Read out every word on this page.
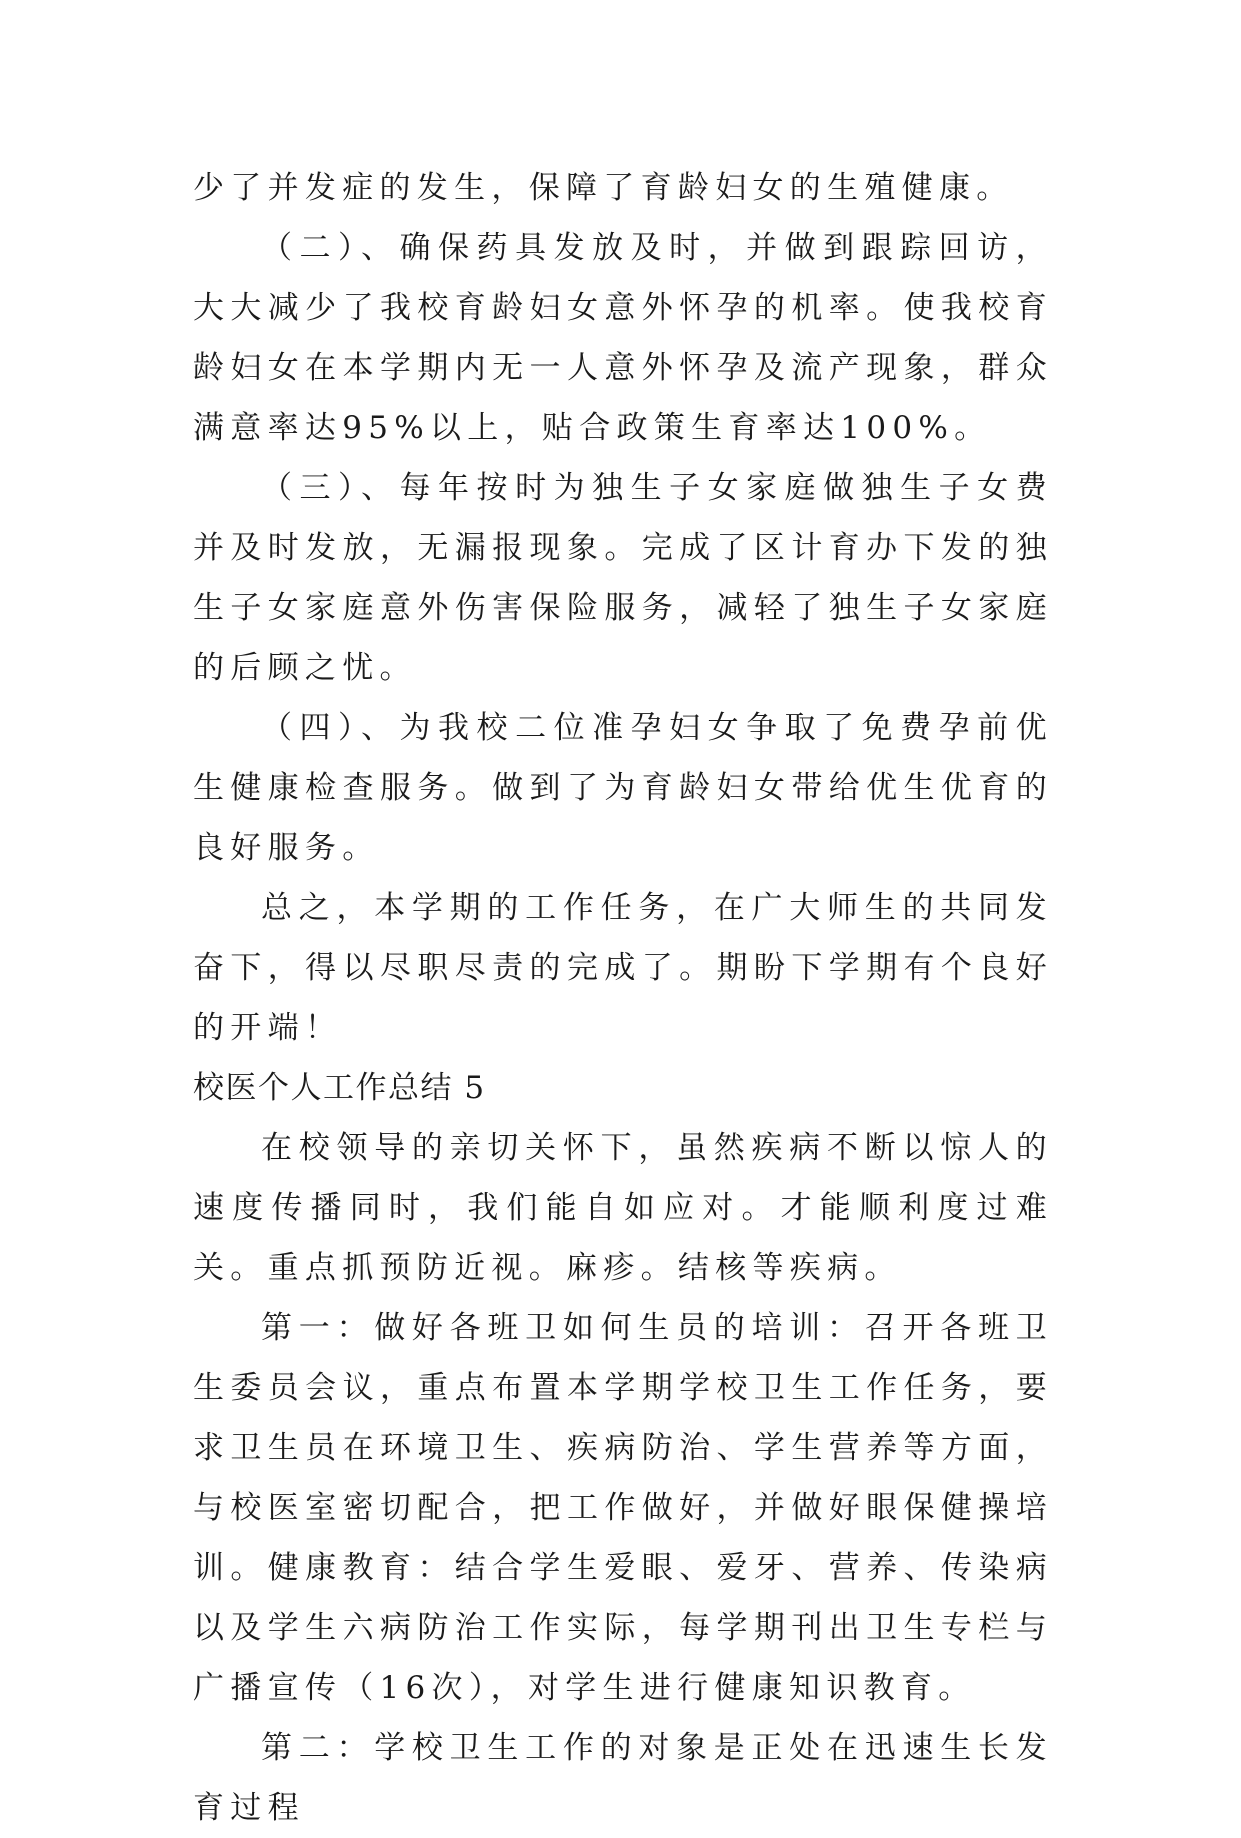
少了并发症的发生，保障了育龄妇女的生殖健康。

（二）、确保药具发放及时，并做到跟踪回访，大大减少了我校育龄妇女意外怀孕的机率。使我校育龄妇女在本学期内无一人意外怀孕及流产现象，群众满意率达95%以上，贴合政策生育率达100%。

（三）、每年按时为独生子女家庭做独生子女费并及时发放，无漏报现象。完成了区计育办下发的独生子女家庭意外伤害保险服务，减轻了独生子女家庭的后顾之忧。

（四）、为我校二位准孕妇女争取了免费孕前优生健康检查服务。做到了为育龄妇女带给优生优育的良好服务。

总之，本学期的工作任务，在广大师生的共同发奋下，得以尽职尽责的完成了。期盼下学期有个良好的开端！

校医个人工作总结 5

在校领导的亲切关怀下，虽然疾病不断以惊人的速度传播同时，我们能自如应对。才能顺利度过难关。重点抓预防近视。麻疹。结核等疾病。

第一：做好各班卫如何生员的培训：召开各班卫生委员会议，重点布置本学期学校卫生工作任务，要求卫生员在环境卫生、疾病防治、学生营养等方面，与校医室密切配合，把工作做好，并做好眼保健操培训。健康教育：结合学生爱眼、爱牙、营养、传染病以及学生六病防治工作实际，每学期刊出卫生专栏与广播宣传（16次），对学生进行健康知识教育。

第二：学校卫生工作的对象是正处在迅速生长发育过程
